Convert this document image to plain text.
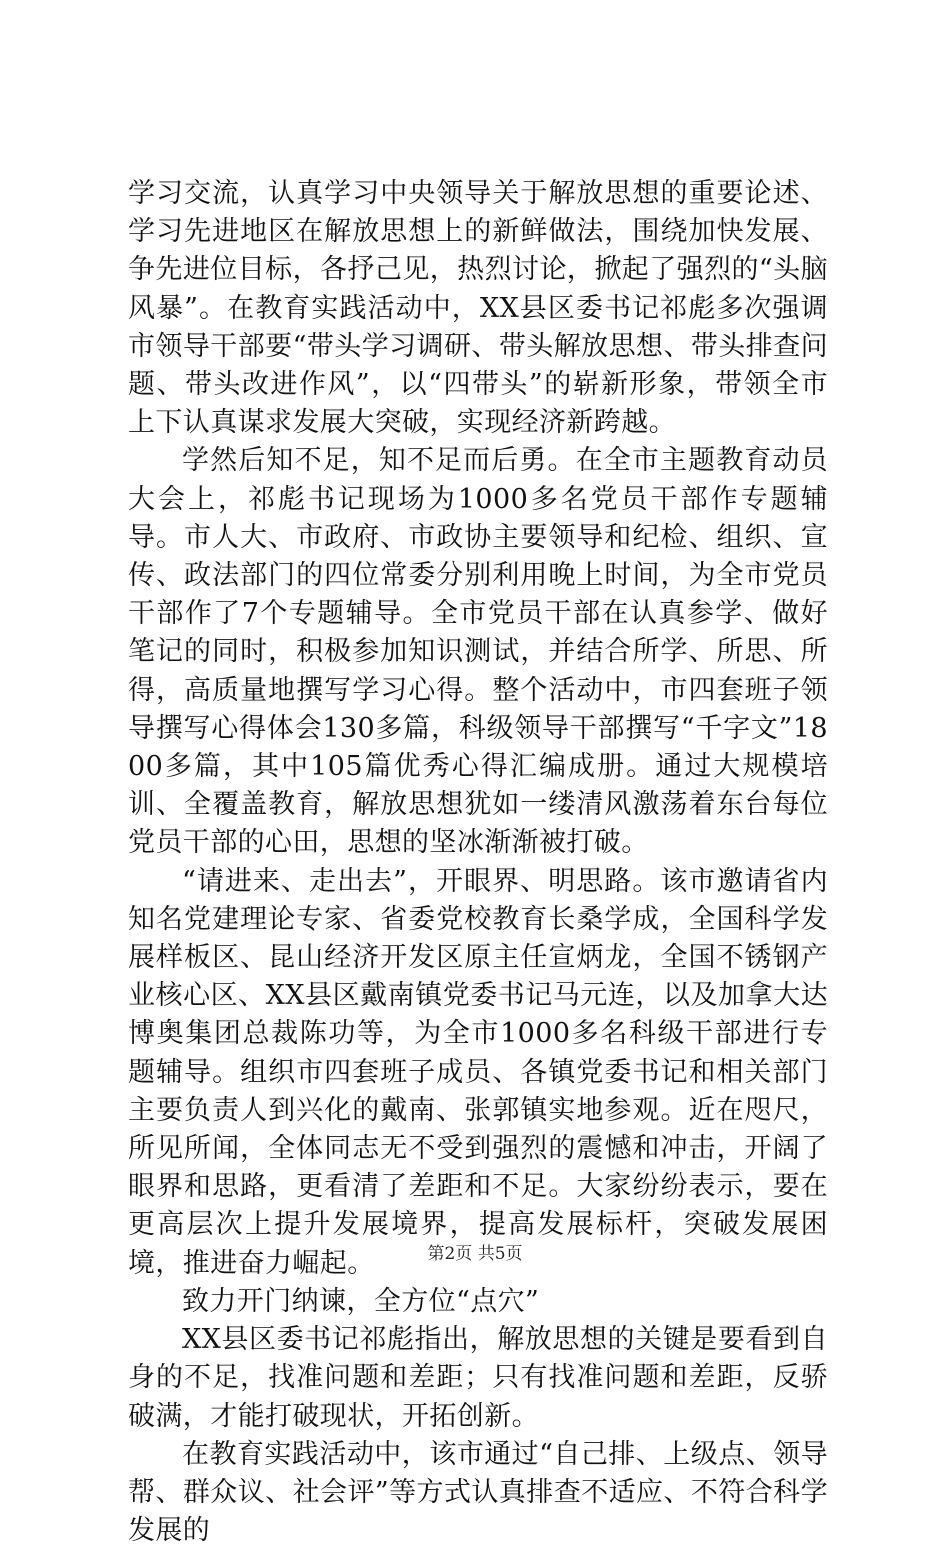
学习交流，认真学习中央领导关于解放思想的重要论述、学习先进地区在解放思想上的新鲜做法，围绕加快发展、争先进位目标，各抒己见，热烈讨论，掀起了强烈的“头脑风暴”。在教育实践活动中，XX县区委书记祁彪多次强调市领导干部要“带头学习调研、带头解放思想、带头排查问题、带头改进作风”，以“四带头”的崭新形象，带领全市上下认真谋求发展大突破，实现经济新跨越。

学然后知不足，知不足而后勇。在全市主题教育动员大会上，祁彪书记现场为1000多名党员干部作专题辅导。市人大、市政府、市政协主要领导和纪检、组织、宣传、政法部门的四位常委分别利用晚上时间，为全市党员干部作了7个专题辅导。全市党员干部在认真参学、做好笔记的同时，积极参加知识测试，并结合所学、所思、所得，高质量地撰写学习心得。整个活动中，市四套班子领导撰写心得体会130多篇，科级领导干部撰写“千字文”1800多篇，其中105篇优秀心得汇编成册。通过大规模培训、全覆盖教育，解放思想犹如一缕清风激荡着东台每位党员干部的心田，思想的坚冰渐渐被打破。

“请进来、走出去”，开眼界、明思路。该市邀请省内知名党建理论专家、省委党校教育长桑学成，全国科学发展样板区、昆山经济开发区原主任宣炳龙，全国不锈钢产业核心区、XX县区戴南镇党委书记马元连，以及加拿大达博奥集团总裁陈功等，为全市1000多名科级干部进行专题辅导。组织市四套班子成员、各镇党委书记和相关部门主要负责人到兴化的戴南、张郭镇实地参观。近在咫尺，所见所闻，全体同志无不受到强烈的震憾和冲击，开阔了眼界和思路，更看清了差距和不足。大家纷纷表示，要在更高层次上提升发展境界，提高发展标杆，突破发展困境，推进奋力崛起。

致力开门纳谏，全方位“点穴”

XX县区委书记祁彪指出，解放思想的关键是要看到自身的不足，找准问题和差距；只有找准问题和差距，反骄破满，才能打破现状，开拓创新。

在教育实践活动中，该市通过“自己排、上级点、领导帮、群众议、社会评”等方式认真排查不适应、不符合科学发展的

第2页 共5页
